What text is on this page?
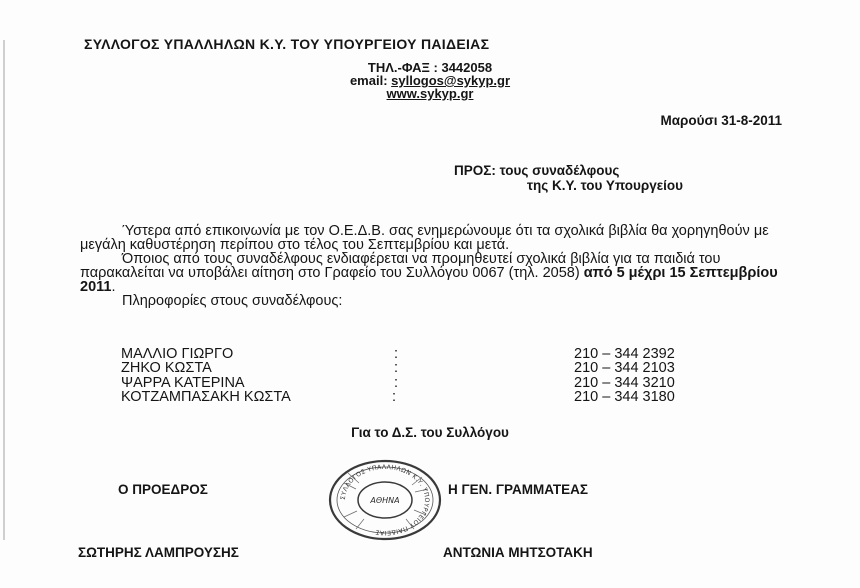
ΣΥΛΛΟΓΟΣ ΥΠΑΛΛΗΛΩΝ Κ.Υ. ΤΟΥ ΥΠΟΥΡΓΕΙΟΥ ΠΑΙΔΕΙΑΣ
ΤΗΛ.-ΦΑΞ : 3442058
email: syllogos@sykyp.gr
www.sykyp.gr
Μαρούσι 31-8-2011
ΠΡΟΣ: τους συναδέλφους
της Κ.Υ. του Υπουργείου

Ύστερα από επικοινωνία με τον Ο.Ε.Δ.Β. σας ενημερώνουμε ότι τα σχολικά βιβλία θα χορηγηθούν με μεγάλη καθυστέρηση περίπου στο τέλος του Σεπτεμβρίου και μετά.

Όποιος από τους συναδέλφους ενδιαφέρεται να προμηθευτεί σχολικά βιβλία για τα παιδιά του παρακαλείται να υποβάλει αίτηση στο Γραφείο του Συλλόγου 0067 (τηλ. 2058) από 5 μέχρι 15 Σεπτεμβρίου 2011.

Πληροφορίες στους συναδέλφους:

ΜΑΛΛΙΟ ΓΙΩΡΓΟ	:	210 – 344 2392
ΖΗΚΟ ΚΩΣΤΑ	:	210 – 344 2103
ΨΑΡΡΑ ΚΑΤΕΡΙΝΑ	:	210 – 344 3210
ΚΟΤΖΑΜΠΑΣΑΚΗ ΚΩΣΤΑ	:	210 – 344 3180
Για το Δ.Σ. του Συλλόγου
Ο ΠΡΟΕΔΡΟΣ	Η ΓΕΝ. ΓΡΑΜΜΑΤΕΑΣ
ΣΥΛΛΟΓΟΣ ΥΠΑΛΛΗΛΩΝ Κ.Υ. ΥΠΟΥΡΓΕΙΟΥ ΠΑΙΔΕΙΑΣ
ΑΘΗΝΑ
ΣΩΤΗΡΗΣ ΛΑΜΠΡΟΥΣΗΣ	ΑΝΤΩΝΙΑ ΜΗΤΣΟΤΑΚΗ
